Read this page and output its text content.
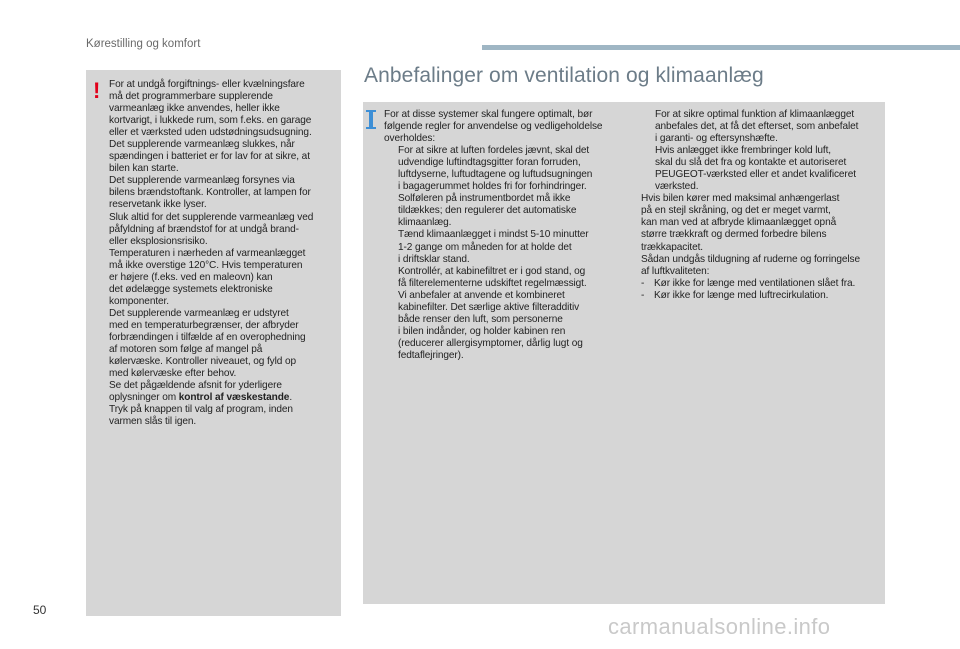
Kørestilling og komfort
! For at undgå forgiftnings- eller kvælningsfare

må det programmerbare supplerende

varmeanlæg ikke anvendes, heller ikke

kortvarigt, i lukkede rum, som f.eks. en garage

eller et værksted uden udstødningsudsugning.

Det supplerende varmeanlæg slukkes, når

spændingen i batteriet er for lav for at sikre, at

bilen kan starte.

Det supplerende varmeanlæg forsynes via

bilens brændstoftank. Kontroller, at lampen for

reservetank ikke lyser.

Sluk altid for det supplerende varmeanlæg ved

påfyldning af brændstof for at undgå brand-

eller eksplosionsrisiko.

Temperaturen i nærheden af varmeanlægget

må ikke overstige 120°C. Hvis temperaturen

er højere (f.eks. ved en maleovn) kan

det ødelægge systemets elektroniske

komponenter.

Det supplerende varmeanlæg er udstyret

med en temperaturbegrænser, der afbryder

forbrændingen i tilfælde af en overophedning

af motoren som følge af mangel på

kølervæske. Kontroller niveauet, og fyld op

med kølervæske efter behov.

Se det pågældende afsnit for yderligere

oplysninger om kontrol af væskestande.

Tryk på knappen til valg af program, inden

varmen slås til igen.

Anbefalinger om ventilation og klimaanlæg

For at disse systemer skal fungere optimalt, bør

følgende regler for anvendelse og vedligeholdelse

overholdes:

For at sikre at luften fordeles jævnt, skal det

udvendige luftindtagsgitter foran forruden,

luftdyserne, luftudtagene og luftudsugningen

i bagagerummet holdes fri for forhindringer.

Solføleren på instrumentbordet må ikke

tildækkes; den regulerer det automatiske

klimaanlæg.

Tænd klimaanlægget i mindst 5-10 minutter

1-2 gange om måneden for at holde det

i driftsklar stand.

Kontrollér, at kabinefiltret er i god stand, og

få filterelementerne udskiftet regelmæssigt.

Vi anbefaler at anvende et kombineret

kabinefilter. Det særlige aktive filteradditiv

både renser den luft, som personerne

i bilen indånder, og holder kabinen ren

(reducerer allergisymptomer, dårlig lugt og

fedtaflejringer).

For at sikre optimal funktion af klimaanlægget

anbefales det, at få det efterset, som anbefalet

i garanti- og eftersynshæfte.

Hvis anlægget ikke frembringer kold luft,

skal du slå det fra og kontakte et autoriseret

PEUGEOT-værksted eller et andet kvalificeret

værksted.

Hvis bilen kører med maksimal anhængerlast

på en stejl skråning, og det er meget varmt,

kan man ved at afbryde klimaanlægget opnå

større trækkraft og dermed forbedre bilens

trækkapacitet.

Sådan undgås tildugning af ruderne og forringelse

af luftkvaliteten:

- Kør ikke for længe med ventilationen slået fra.

- Kør ikke for længe med luftrecirkulation.

50
carmanualsonline.info
